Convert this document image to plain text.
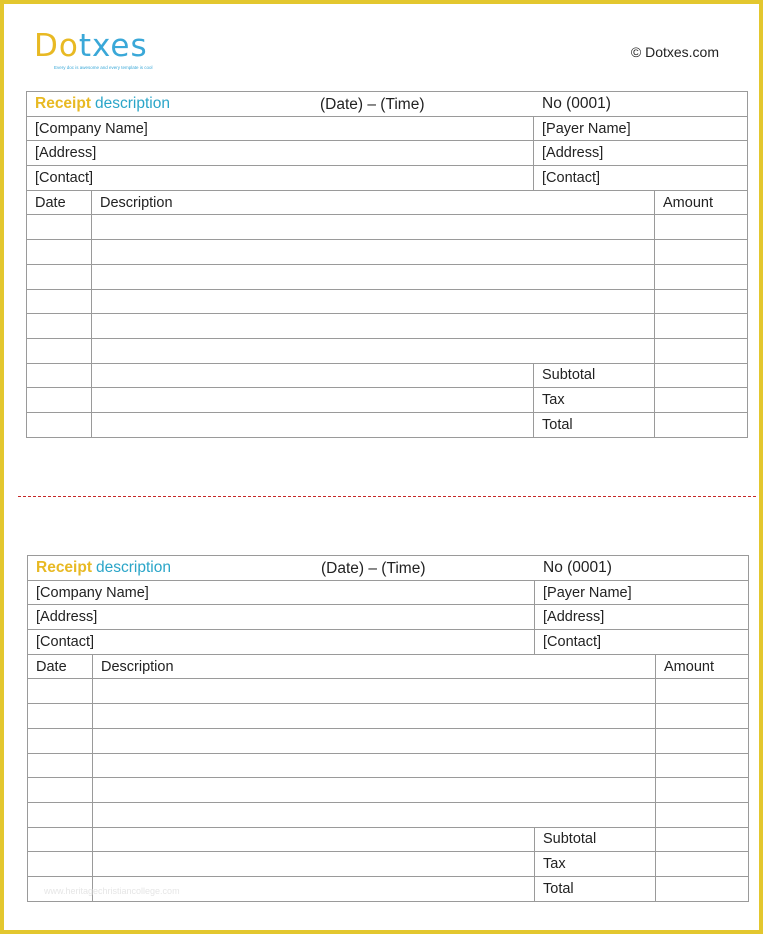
Dotxes
Every doc is awesome and every template is cool
© Dotxes.com
Receipt description (Date) – (Time)		No (0001)	
[Company Name]		[Payer Name]	
[Address]		[Address]	
[Contact]		[Contact]	
Date	Description		Amount

		Subtotal	
		Tax	
		Total	
Receipt description (Date) – (Time)		No (0001)	
[Company Name]		[Payer Name]	
[Address]		[Address]	
[Contact]		[Contact]	
Date	Description		Amount

		Subtotal	
		Tax	
		Total	
www.heritagechristiancollege.com
